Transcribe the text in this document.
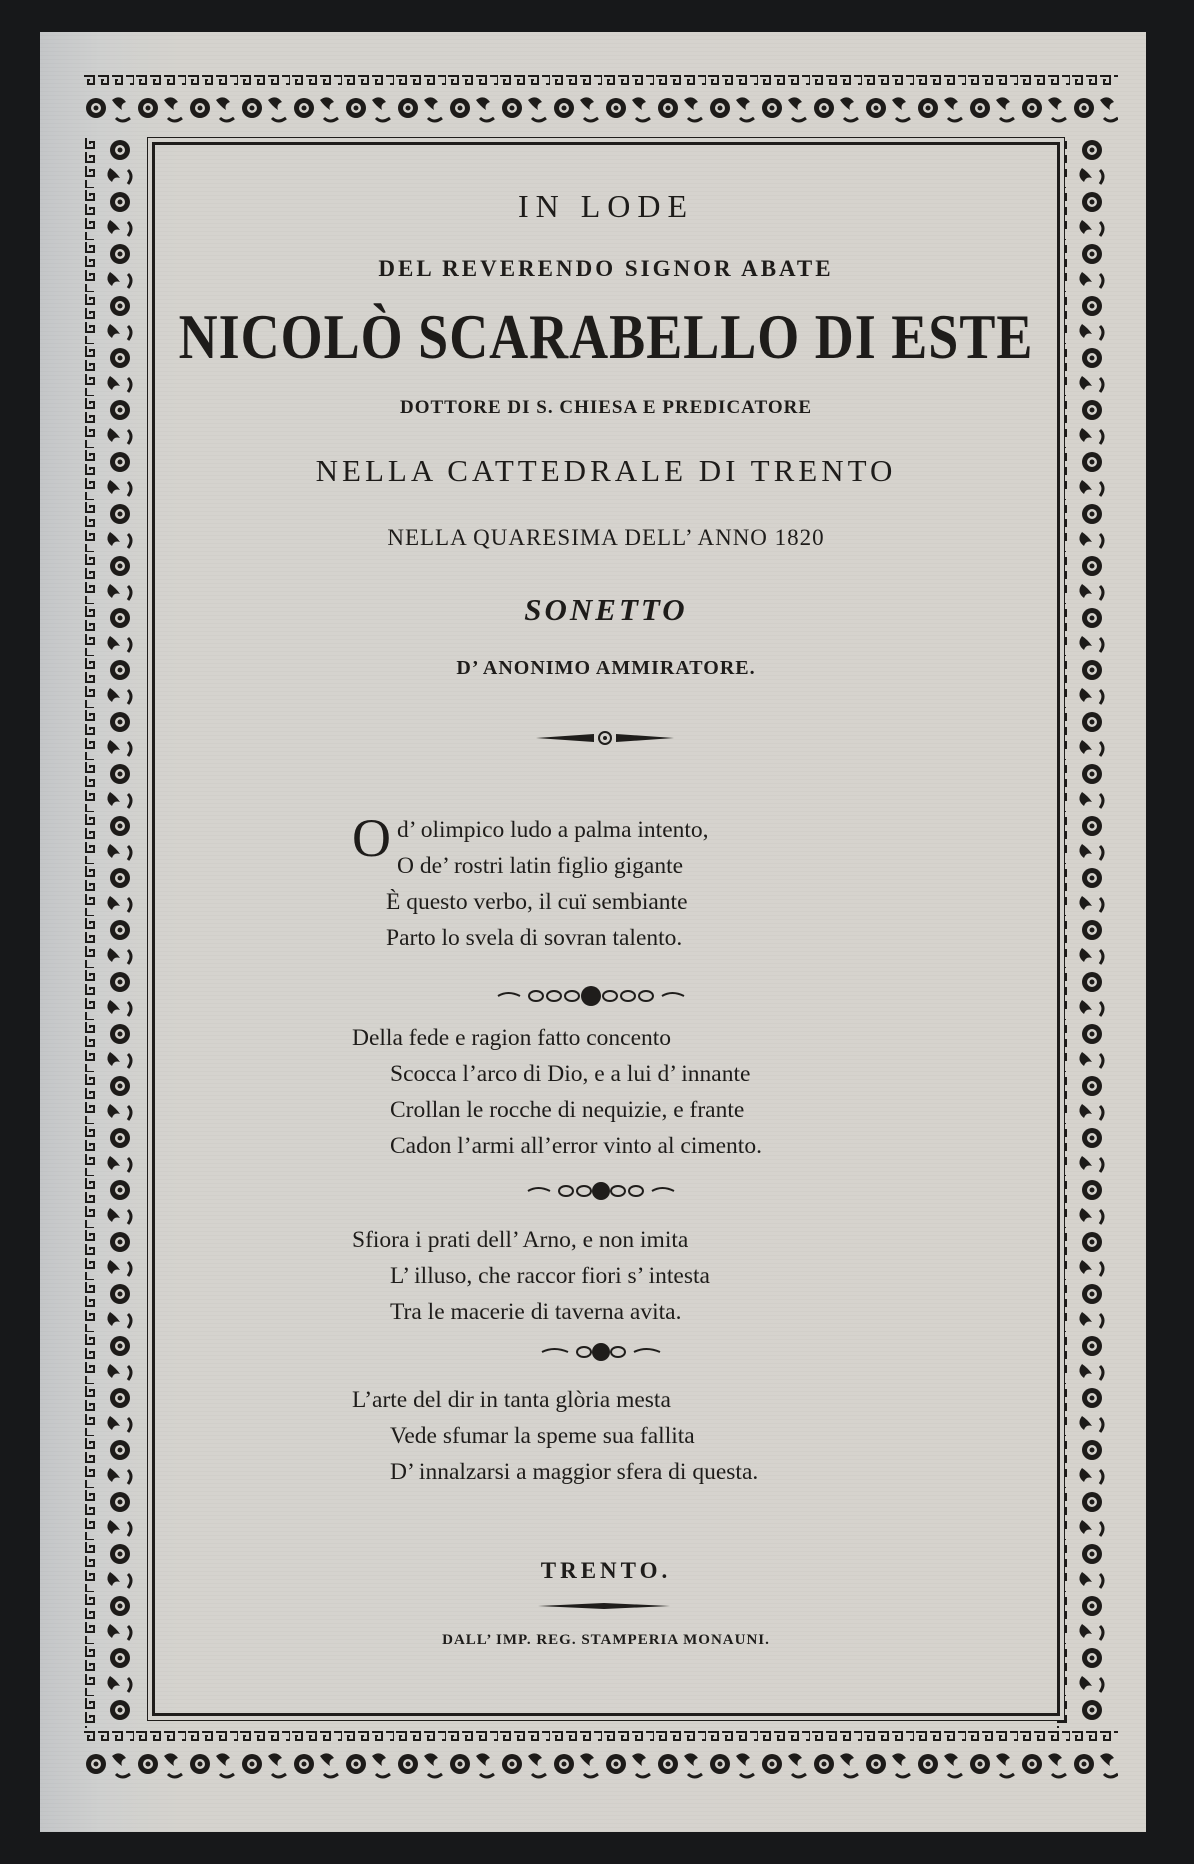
IN LODE
DEL REVERENDO SIGNOR ABATE
NICOLÒ SCARABELLO DI ESTE
DOTTORE DI S. CHIESA E PREDICATORE
NELLA CATTEDRALE DI TRENTO
NELLA QUARESIMA DELL’ ANNO 1820
SONETTO
D’ ANONIMO AMMIRATORE.
O d’ olimpico ludo a palma intento,
O de’ rostri latin figlio gigante
È questo verbo, il cuï sembiante
Parto lo svela di sovran talento.
Della fede e ragion fatto concento
Scocca l’arco di Dio, e a lui d’ innante
Crollan le rocche di nequizie, e frante
Cadon l’armi all’error vinto al cimento.
Sfiora i prati dell’ Arno, e non imita
L’ illuso, che raccor fiori s’ intesta
Tra le macerie di taverna avita.
L’arte del dir in tanta glòria mesta
Vede sfumar la speme sua fallita
D’ innalzarsi a maggior sfera di questa.
TRENTO.
DALL’ IMP. REG. STAMPERIA MONAUNI.
